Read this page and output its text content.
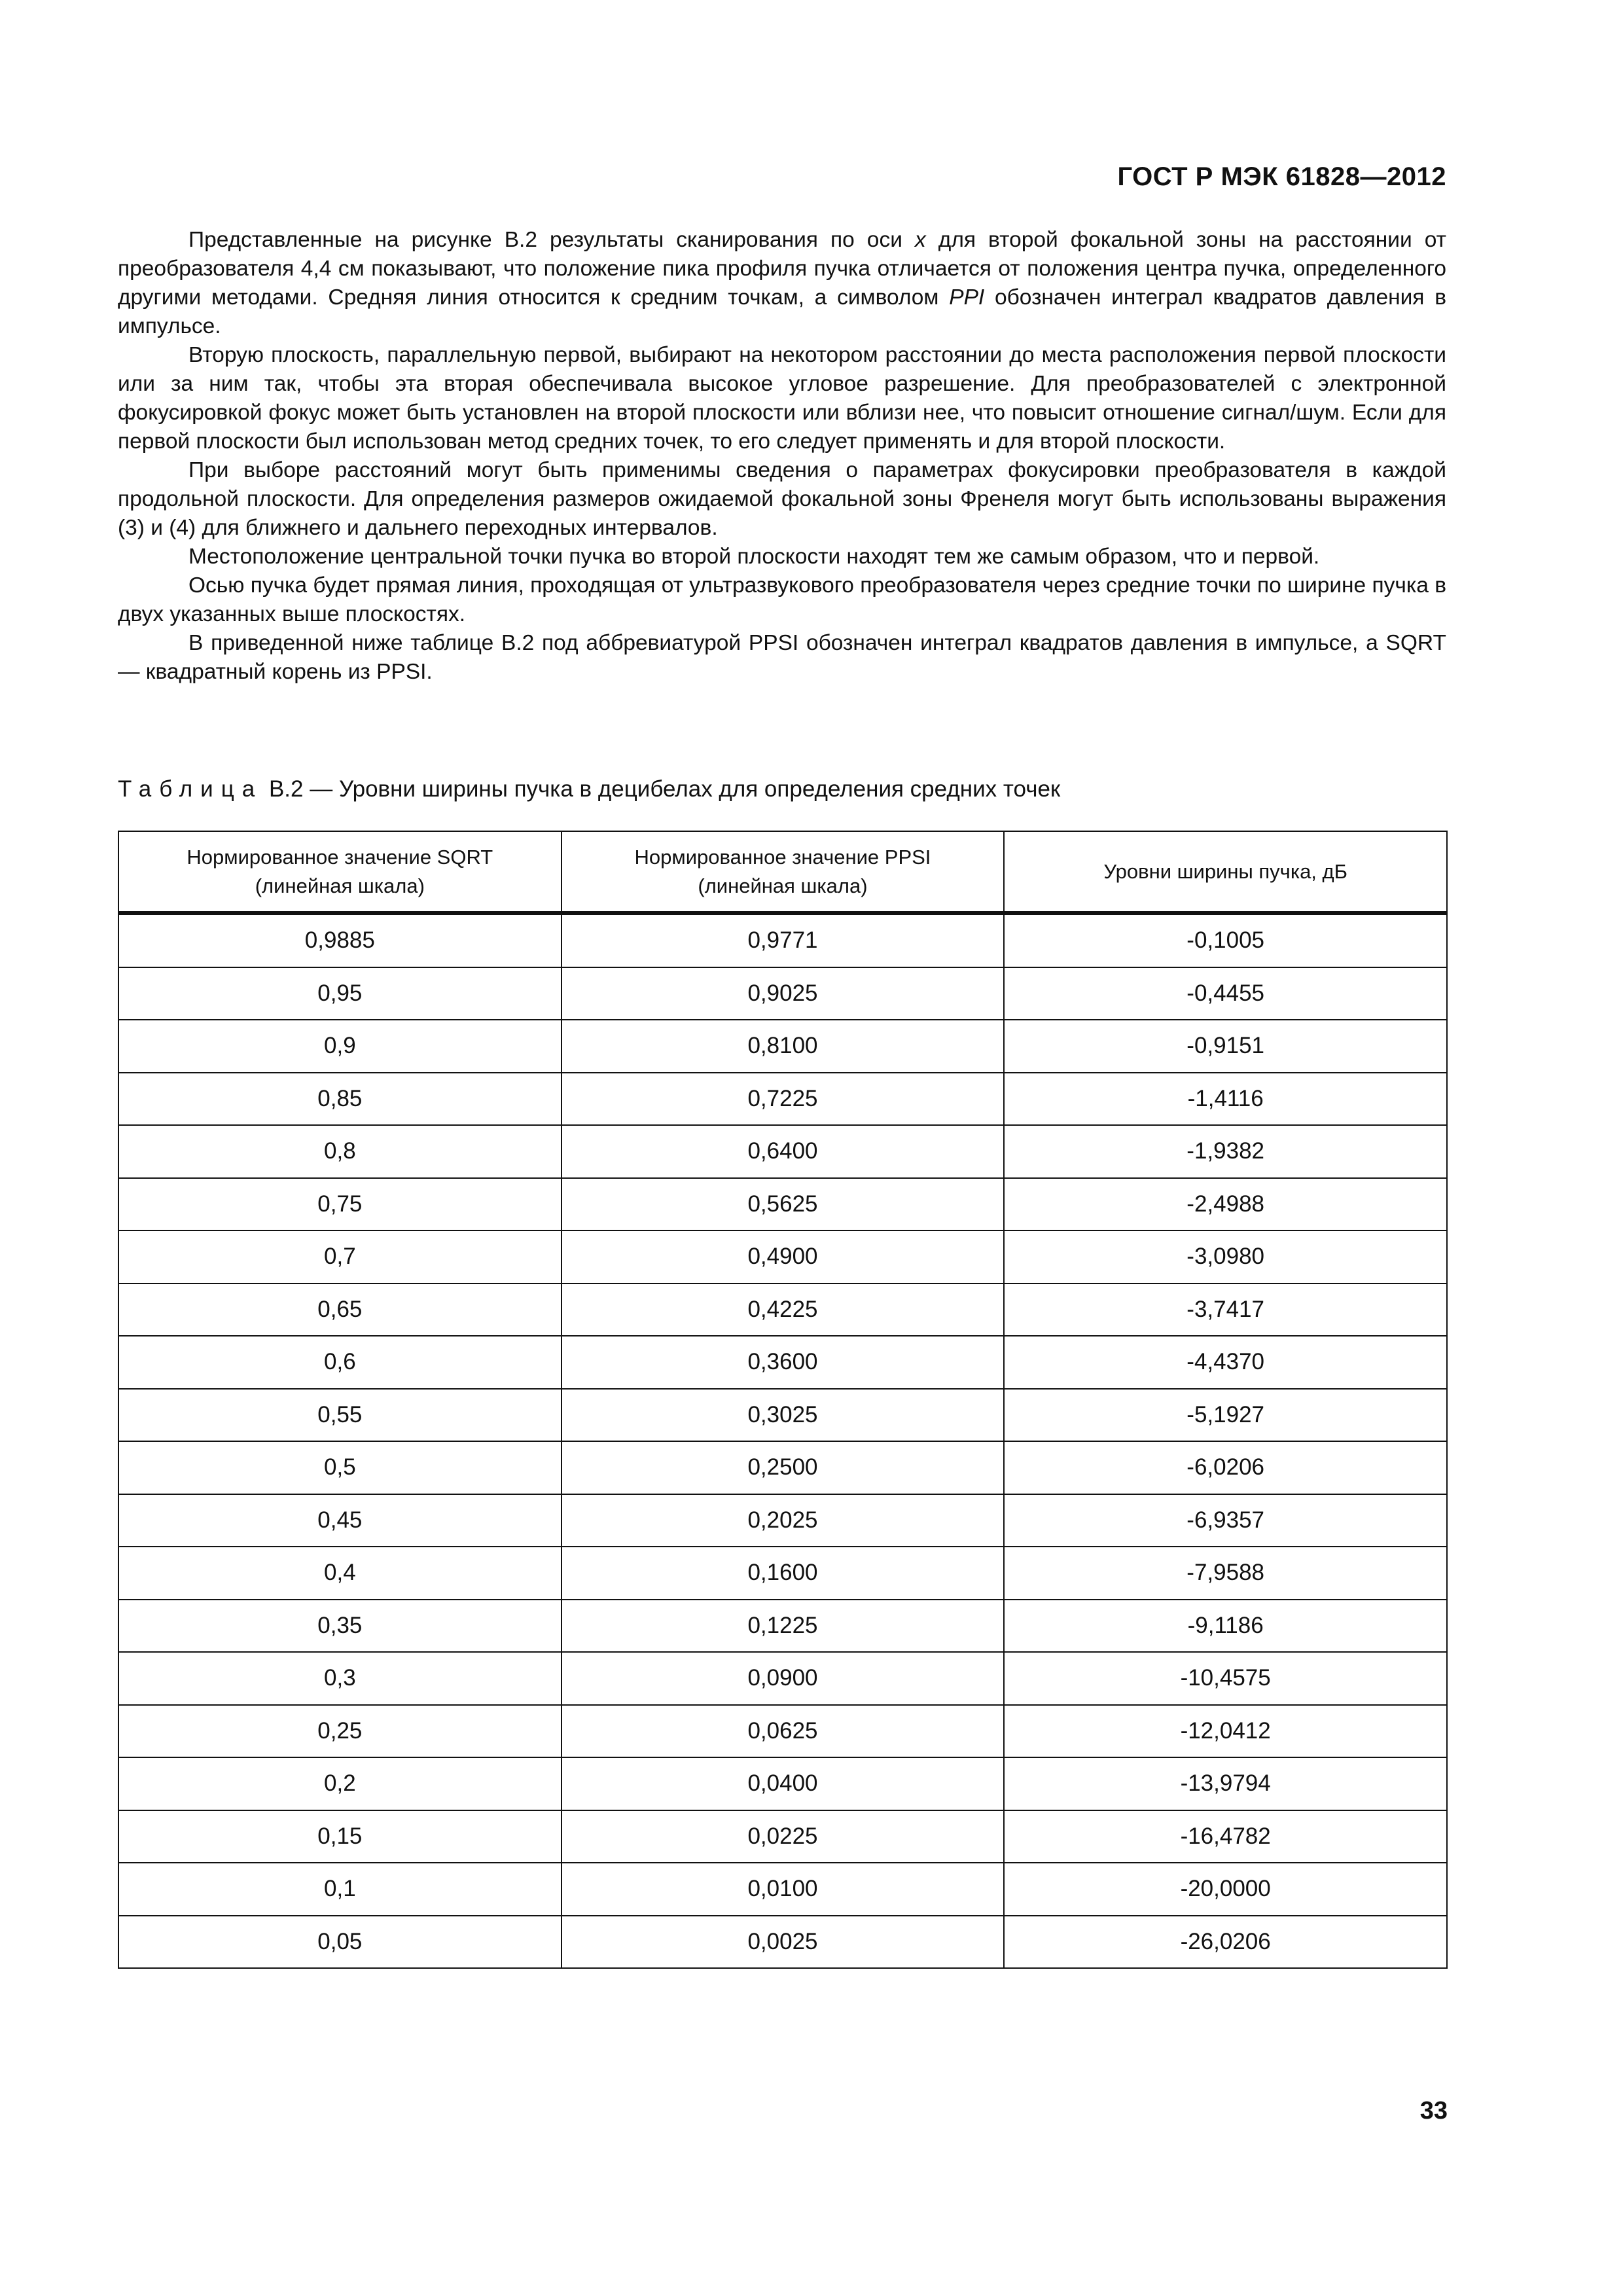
ГОСТ Р МЭК 61828—2012

Представленные на рисунке В.2 результаты сканирования по оси x для второй фокальной зоны на расстоянии от преобразователя 4,4 см показывают, что положение пика профиля пучка отличается от положения центра пучка, определенного другими методами. Средняя линия относится к средним точкам, а символом PPI обозначен интеграл квадратов давления в импульсе.

Вторую плоскость, параллельную первой, выбирают на некотором расстоянии до места расположения первой плоскости или за ним так, чтобы эта вторая обеспечивала высокое угловое разрешение. Для преобразователей с электронной фокусировкой фокус может быть установлен на второй плоскости или вблизи нее, что повысит отношение сигнал/шум. Если для первой плоскости был использован метод средних точек, то его следует применять и для второй плоскости.

При выборе расстояний могут быть применимы сведения о параметрах фокусировки преобразователя в каждой продольной плоскости. Для определения размеров ожидаемой фокальной зоны Френеля могут быть использованы выражения (3) и (4) для ближнего и дальнего переходных интервалов.

Местоположение центральной точки пучка во второй плоскости находят тем же самым образом, что и первой.

Осью пучка будет прямая линия, проходящая от ультразвукового преобразователя через средние точки по ширине пучка в двух указанных выше плоскостях.

В приведенной ниже таблице В.2 под аббревиатурой PPSI обозначен интеграл квадратов давления в импульсе, а SQRT — квадратный корень из PPSI.

Таблица В.2 — Уровни ширины пучка в децибелах для определения средних точек
Нормированное значение SQRT
(линейная шкала)	Нормированное значение PPSI
(линейная шкала)	Уровни ширины пучка, дБ

0,9885	0,9771	-0,1005
0,95	0,9025	-0,4455
0,9	0,8100	-0,9151
0,85	0,7225	-1,4116
0,8	0,6400	-1,9382
0,75	0,5625	-2,4988
0,7	0,4900	-3,0980
0,65	0,4225	-3,7417
0,6	0,3600	-4,4370
0,55	0,3025	-5,1927
0,5	0,2500	-6,0206
0,45	0,2025	-6,9357
0,4	0,1600	-7,9588
0,35	0,1225	-9,1186
0,3	0,0900	-10,4575
0,25	0,0625	-12,0412
0,2	0,0400	-13,9794
0,15	0,0225	-16,4782
0,1	0,0100	-20,0000
0,05	0,0025	-26,0206
33
